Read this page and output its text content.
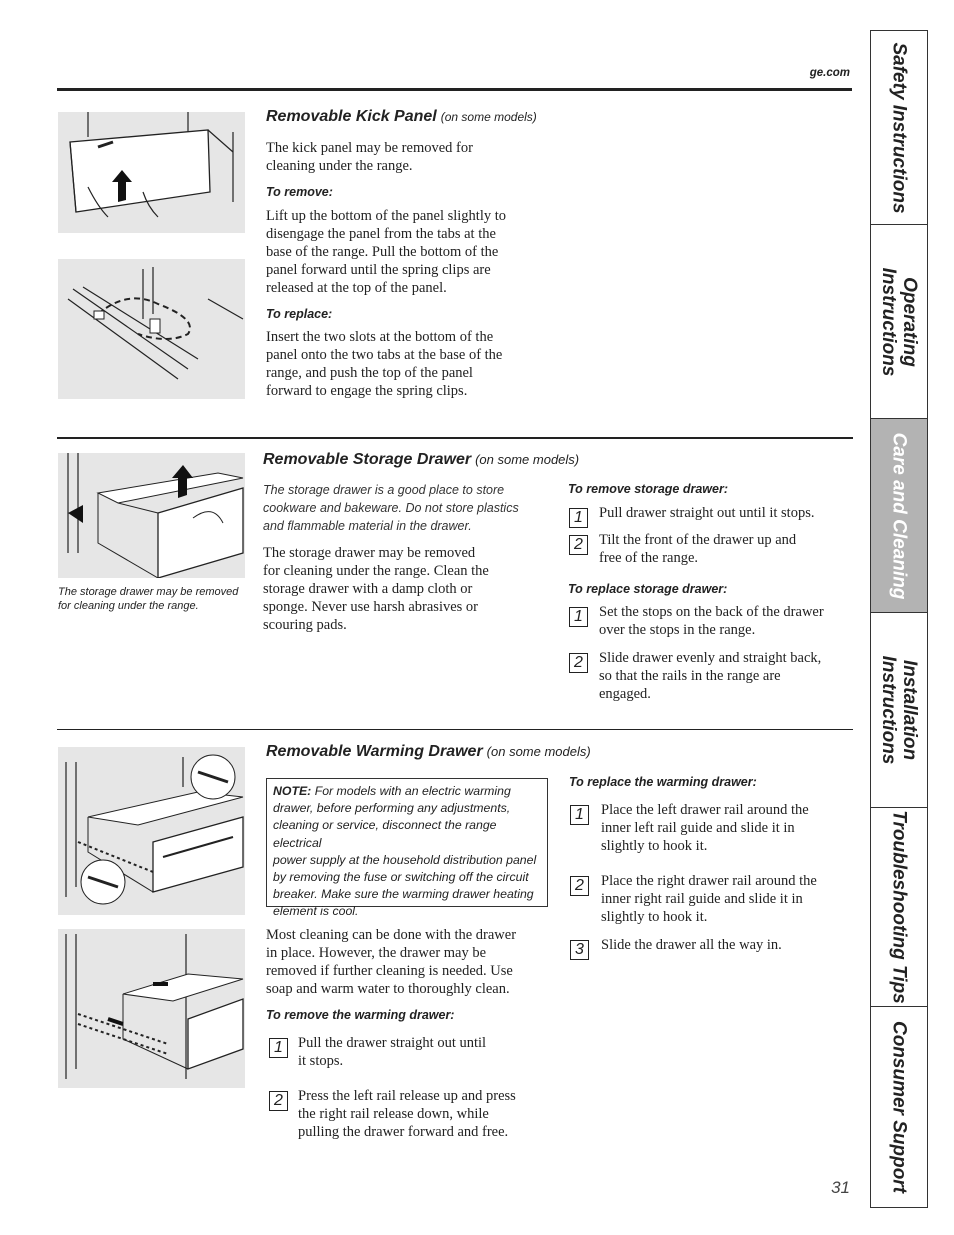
ge.com
Removable Kick Panel (on some models)
The kick panel may be removed for
cleaning under the range.
To remove:
Lift up the bottom of the panel slightly to
disengage the panel from the tabs at the
base of the range. Pull the bottom of the
panel forward until the spring clips are
released at the top of the panel.
To replace:
Insert the two slots at the bottom of the
panel onto the two tabs at the base of the
range, and push the top of the panel
forward to engage the spring clips.
The storage drawer may be removed
for cleaning under the range.
Removable Storage Drawer (on some models)
The storage drawer is a good place to store
cookware and bakeware. Do not store plastics
and flammable material in the drawer.
The storage drawer may be removed
for cleaning under the range. Clean the
storage drawer with a damp cloth or
sponge. Never use harsh abrasives or
scouring pads.
To remove storage drawer:
1	Pull drawer straight out until it stops.
2	Tilt the front of the drawer up and
free of the range.
To replace storage drawer:
1	Set the stops on the back of the drawer
over the stops in the range.
2	Slide drawer evenly and straight back,
so that the rails in the range are
engaged.
Removable Warming Drawer (on some models)
NOTE: For models with an electric warming
drawer, before performing any adjustments,
cleaning or service, disconnect the range electrical
power supply at the household distribution panel
by removing the fuse or switching off the circuit
breaker. Make sure the warming drawer heating
element is cool.
Most cleaning can be done with the drawer
in place. However, the drawer may be
removed if further cleaning is needed. Use
soap and warm water to thoroughly clean.
To remove the warming drawer:
1	Pull the drawer straight out until
it stops.
2	Press the left rail release up and press
the right rail release down, while
pulling the drawer forward and free.
To replace the warming drawer:
1	Place the left drawer rail around the
inner left rail guide and slide it in
slightly to hook it.
2	Place the right drawer rail around the
inner right rail guide and slide it in
slightly to hook it.
3	Slide the drawer all the way in.
31
Safety Instructions
Operating
Instructions
Care and Cleaning
Installation
Instructions
Troubleshooting Tips
Consumer Support
